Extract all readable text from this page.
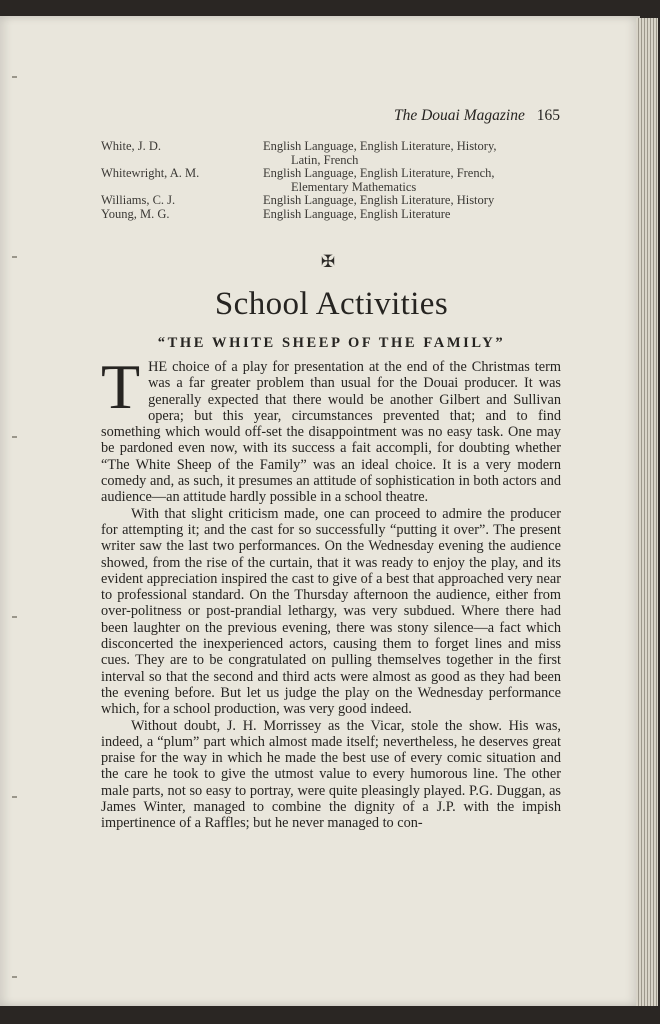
The Douai Magazine 165
White, J. D.	English Language, English Literature, History,
Latin, French
Whitewright, A. M.	English Language, English Literature, French,
Elementary Mathematics
Williams, C. J.	English Language, English Literature, History
Young, M. G.	English Language, English Literature
✠
School Activities
“THE WHITE SHEEP OF THE FAMILY”

THE choice of a play for presentation at the end of the Christmas term was a far greater problem than usual for the Douai producer. It was generally expected that there would be another Gilbert and Sullivan opera; but this year, circumstances prevented that; and to find something which would off-set the disappointment was no easy task. One may be pardoned even now, with its success a fait accompli, for doubting whether “The White Sheep of the Family” was an ideal choice. It is a very modern comedy and, as such, it presumes an attitude of sophistication in both actors and audience—an attitude hardly possible in a school theatre.

With that slight criticism made, one can proceed to admire the producer for attempting it; and the cast for so successfully “putting it over”. The present writer saw the last two performances. On the Wednesday evening the audience showed, from the rise of the curtain, that it was ready to enjoy the play, and its evident appreciation inspired the cast to give of a best that approached very near to professional standard. On the Thursday afternoon the audience, either from over-politness or post-prandial lethargy, was very subdued. Where there had been laughter on the previous evening, there was stony silence—a fact which disconcerted the inexperienced actors, causing them to forget lines and miss cues. They are to be congratulated on pulling themselves together in the first interval so that the second and third acts were almost as good as they had been the evening before. But let us judge the play on the Wednesday performance which, for a school production, was very good indeed.

Without doubt, J. H. Morrissey as the Vicar, stole the show. His was, indeed, a “plum” part which almost made itself; nevertheless, he deserves great praise for the way in which he made the best use of every comic situation and the care he took to give the utmost value to every humorous line. The other male parts, not so easy to portray, were quite pleasingly played. P.G. Duggan, as James Winter, managed to combine the dignity of a J.P. with the impish impertinence of a Raffles; but he never managed to con-
